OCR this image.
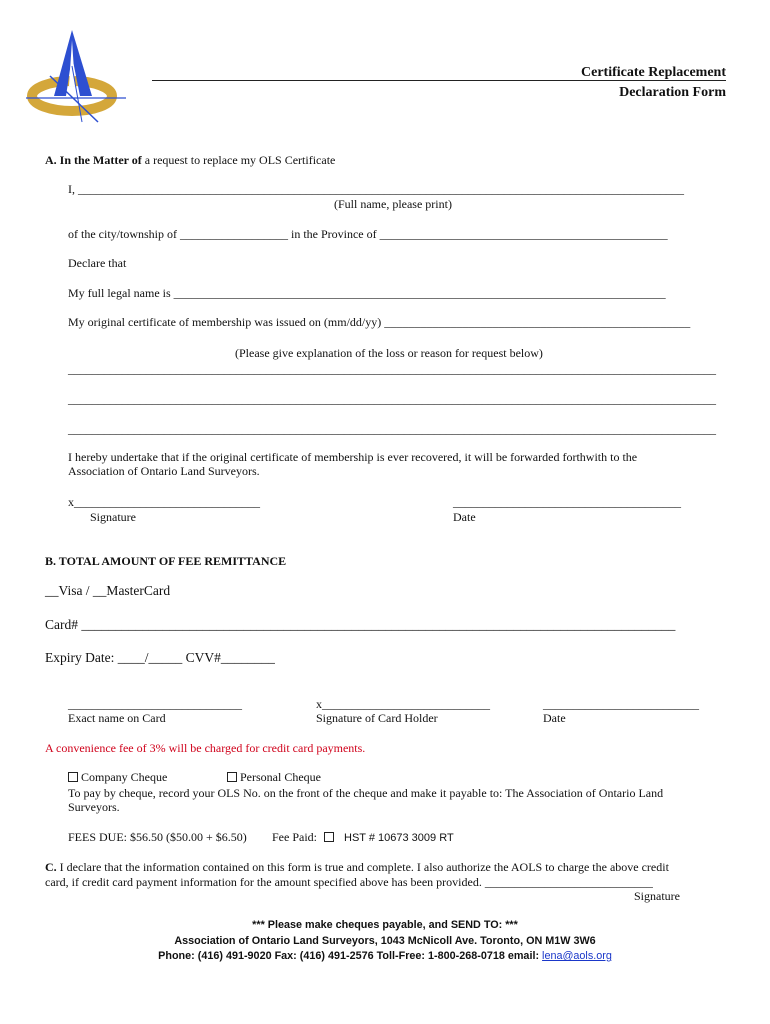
Certificate Replacement
Declaration Form
A. In the Matter of a request to replace my OLS Certificate
I, _____________________________________________________________________________________________________
(Full name, please print)
of the city/township of __________________ in the Province of ________________________________________________
Declare that
My full legal name is __________________________________________________________________________________
My original certificate of membership was issued on (mm/dd/yy) ___________________________________________________
(Please give explanation of the loss or reason for request below)
____________________________________________________________________________________________________________
____________________________________________________________________________________________________________
____________________________________________________________________________________________________________
I hereby undertake that if the original certificate of membership is ever recovered, it will be forwarded forthwith to the
Association of Ontario Land Surveyors.
x_______________________________
Signature
______________________________________
Date
B. TOTAL AMOUNT OF FEE REMITTANCE
__Visa / __MasterCard
Card# ________________________________________________________________________________________
Expiry Date: ____/_____ CVV#________
_____________________________
Exact name on Card
x____________________________
Signature of Card Holder
__________________________
Date
A convenience fee of 3% will be charged for credit card payments.
Company Cheque	Personal Cheque
To pay by cheque, record your OLS No. on the front of the cheque and make it payable to: The Association of Ontario Land
Surveyors.
FEES DUE: $56.50 ($50.00 + $6.50) Fee Paid: HST # 10673 3009 RT
C. I declare that the information contained on this form is true and complete. I also authorize the AOLS to charge the above credit
card, if credit card payment information for the amount specified above has been provided. ____________________________
Signature
*** Please make cheques payable, and SEND TO: ***
Association of Ontario Land Surveyors, 1043 McNicoll Ave. Toronto, ON M1W 3W6
Phone: (416) 491-9020 Fax: (416) 491-2576 Toll-Free: 1-800-268-0718 email: lena@aols.org
